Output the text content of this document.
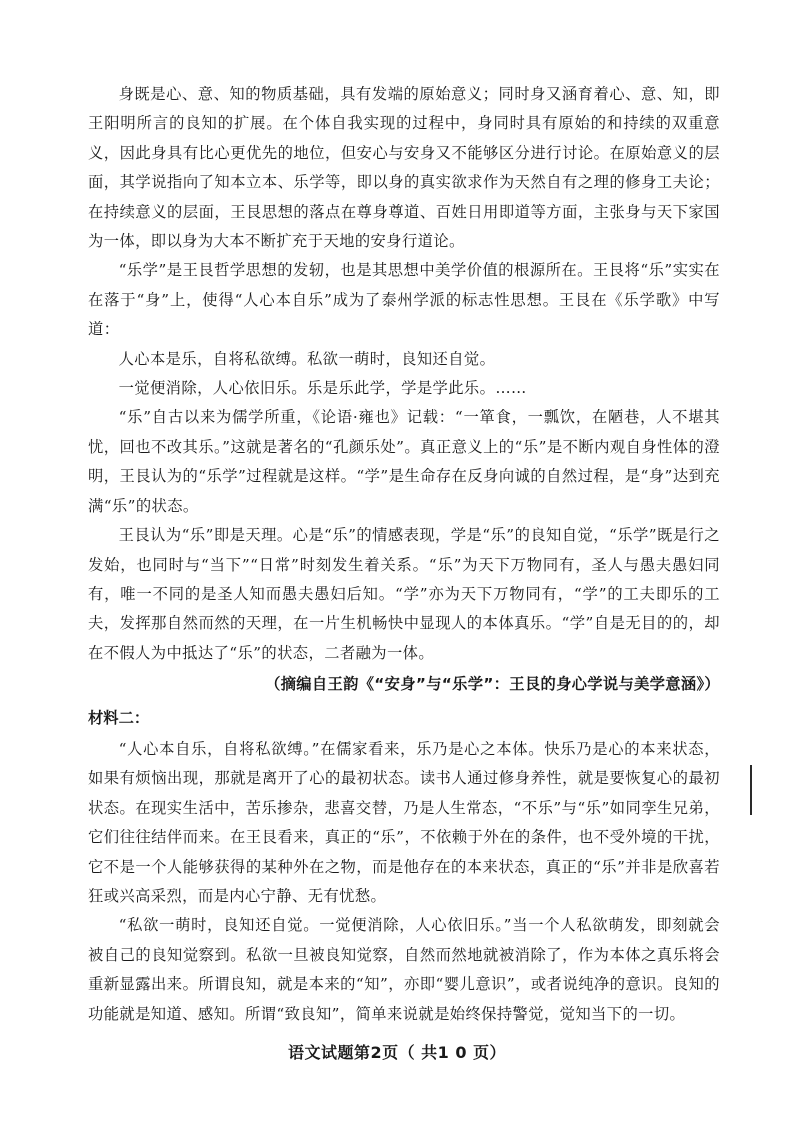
身既是心、意、知的物质基础，具有发端的原始意义；同时身又涵育着心、意、知，即王阳明所言的良知的扩展。在个体自我实现的过程中，身同时具有原始的和持续的双重意义，因此身具有比心更优先的地位，但安心与安身又不能够区分进行讨论。在原始意义的层面，其学说指向了知本立本、乐学等，即以身的真实欲求作为天然自有之理的修身工夫论；在持续意义的层面，王艮思想的落点在尊身尊道、百姓日用即道等方面，主张身与天下家国为一体，即以身为大本不断扩充于天地的安身行道论。

“乐学”是王艮哲学思想的发轫，也是其思想中美学价值的根源所在。王艮将“乐”实实在在落于“身”上，使得“人心本自乐”成为了泰州学派的标志性思想。王艮在《乐学歌》中写道：

人心本是乐，自将私欲缚。私欲一萌时，良知还自觉。

一觉便消除，人心依旧乐。乐是乐此学，学是学此乐。……

“乐”自古以来为儒学所重，《论语·雍也》记载：“一箪食，一瓢饮，在陋巷，人不堪其忧，回也不改其乐。”这就是著名的“孔颜乐处”。真正意义上的“乐”是不断内观自身性体的澄明，王艮认为的“乐学”过程就是这样。“学”是生命存在反身向诚的自然过程，是“身”达到充满“乐”的状态。

王艮认为“乐”即是天理。心是“乐”的情感表现，学是“乐”的良知自觉，“乐学”既是行之发始，也同时与“当下”“日常”时刻发生着关系。“乐”为天下万物同有，圣人与愚夫愚妇同有，唯一不同的是圣人知而愚夫愚妇后知。“学”亦为天下万物同有，“学”的工夫即乐的工夫，发挥那自然而然的天理，在一片生机畅快中显现人的本体真乐。“学”自是无目的的，却在不假人为中抵达了“乐”的状态，二者融为一体。

（摘编自王韵《“安身”与“乐学”：王艮的身心学说与美学意涵》）

材料二：

“人心本自乐，自将私欲缚。”在儒家看来，乐乃是心之本体。快乐乃是心的本来状态，如果有烦恼出现，那就是离开了心的最初状态。读书人通过修身养性，就是要恢复心的最初状态。在现实生活中，苦乐掺杂，悲喜交替，乃是人生常态，“不乐”与“乐”如同孪生兄弟，它们往往结伴而来。在王艮看来，真正的“乐”，不依赖于外在的条件，也不受外境的干扰，它不是一个人能够获得的某种外在之物，而是他存在的本来状态，真正的“乐”并非是欣喜若狂或兴高采烈，而是内心宁静、无有忧愁。

“私欲一萌时，良知还自觉。一觉便消除，人心依旧乐。”当一个人私欲萌发，即刻就会被自己的良知觉察到。私欲一旦被良知觉察，自然而然地就被消除了，作为本体之真乐将会重新显露出来。所谓良知，就是本来的“知”，亦即“婴儿意识”，或者说纯净的意识。良知的功能就是知道、感知。所谓“致良知”，简单来说就是始终保持警觉，觉知当下的一切。

语文试题第2页（ 共1 0 页）
